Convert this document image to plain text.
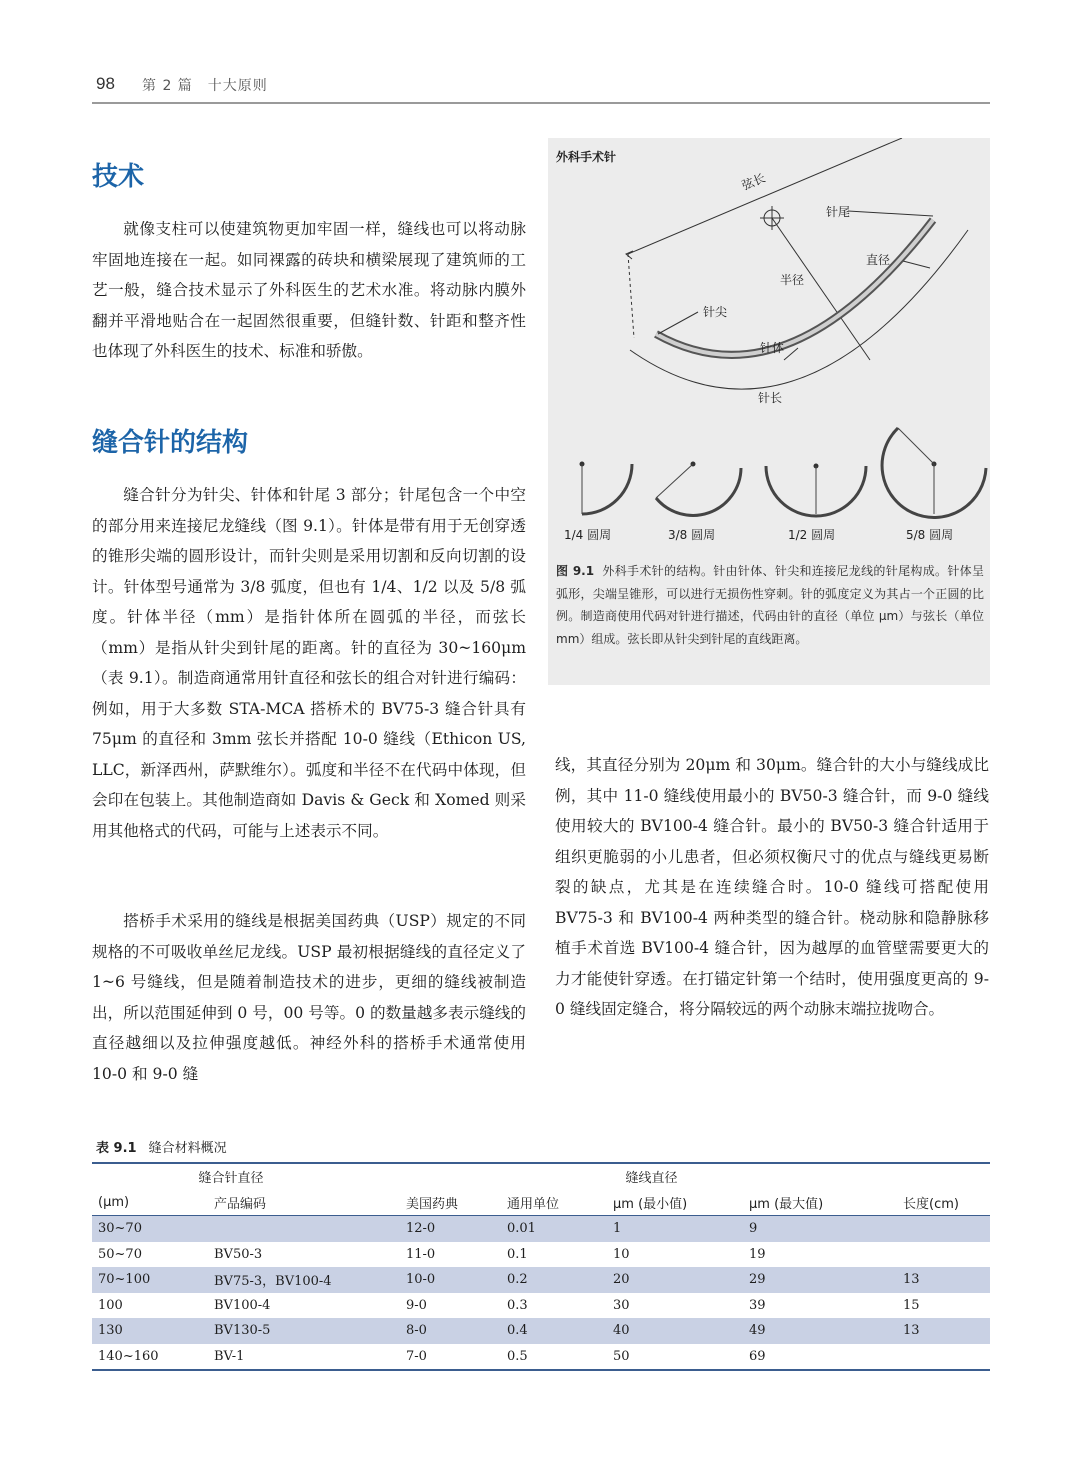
98 第 2 篇　十大原则
技术

就像支柱可以使建筑物更加牢固一样，缝线也可以将动脉牢固地连接在一起。如同裸露的砖块和横梁展现了建筑师的工艺一般，缝合技术显示了外科医生的艺术水准。将动脉内膜外翻并平滑地贴合在一起固然很重要，但缝针数、针距和整齐性也体现了外科医生的技术、标准和骄傲。

缝合针的结构

缝合针分为针尖、针体和针尾 3 部分；针尾包含一个中空的部分用来连接尼龙缝线（图 9.1）。针体是带有用于无创穿透的锥形尖端的圆形设计，而针尖则是采用切割和反向切割的设计。针体型号通常为 3/8 弧度，但也有 1/4、1/2 以及 5/8 弧度。针体半径（mm）是指针体所在圆弧的半径，而弦长（mm）是指从针尖到针尾的距离。针的直径为 30~160μm（表 9.1）。制造商通常用针直径和弦长的组合对针进行编码：例如，用于大多数 STA-MCA 搭桥术的 BV75-3 缝合针具有 75μm 的直径和 3mm 弦长并搭配 10-0 缝线（Ethicon US, LLC，新泽西州，萨默维尔）。弧度和半径不在代码中体现，但会印在包装上。其他制造商如 Davis & Geck 和 Xomed 则采用其他格式的代码，可能与上述表示不同。

搭桥手术采用的缝线是根据美国药典（USP）规定的不同规格的不可吸收单丝尼龙线。USP 最初根据缝线的直径定义了 1~6 号缝线，但是随着制造技术的进步，更细的缝线被制造出，所以范围延伸到 0 号，00 号等。0 的数量越多表示缝线的直径越细以及拉伸强度越低。神经外科的搭桥手术通常使用 10-0 和 9-0 缝

线，其直径分别为 20μm 和 30μm。缝合针的大小与缝线成比例，其中 11-0 缝线使用最小的 BV50-3 缝合针，而 9-0 缝线使用较大的 BV100-4 缝合针。最小的 BV50-3 缝合针适用于组织更脆弱的小儿患者，但必须权衡尺寸的优点与缝线更易断裂的缺点，尤其是在连续缝合时。10-0 缝线可搭配使用 BV75-3 和 BV100-4 两种类型的缝合针。桡动脉和隐静脉移植手术首选 BV100-4 缝合针，因为越厚的血管壁需要更大的力才能使针穿透。在打锚定针第一个结时，使用强度更高的 9-0 缝线固定缝合，将分隔较远的两个动脉末端拉拢吻合。

外科手术针
弦长
针尾
直径
半径
针尖
针体
针长
1/4 圆周	3/8 圆周	1/2 圆周	5/8 圆周
图 9.1 外科手术针的结构。针由针体、针尖和连接尼龙线的针尾构成。针体呈弧形，尖端呈锥形，可以进行无损伤性穿刺。针的弧度定义为其占一个正圆的比例。制造商使用代码对针进行描述，代码由针的直径（单位 μm）与弦长（单位 mm）组成。弦长即从针尖到针尾的直线距离。
表 9.1 缝合材料概况
缝合针直径			缝线直径				
(μm)	产品编码		美国药典	通用单位	μm (最小值)	μm (最大值)	长度(cm)
30~70			12-0	0.01	1	9	
50~70	BV50-3		11-0	0.1	10	19	
70~100	BV75-3，BV100-4		10-0	0.2	20	29	13
100	BV100-4		9-0	0.3	30	39	15
130	BV130-5		8-0	0.4	40	49	13
140~160	BV-1		7-0	0.5	50	69	
